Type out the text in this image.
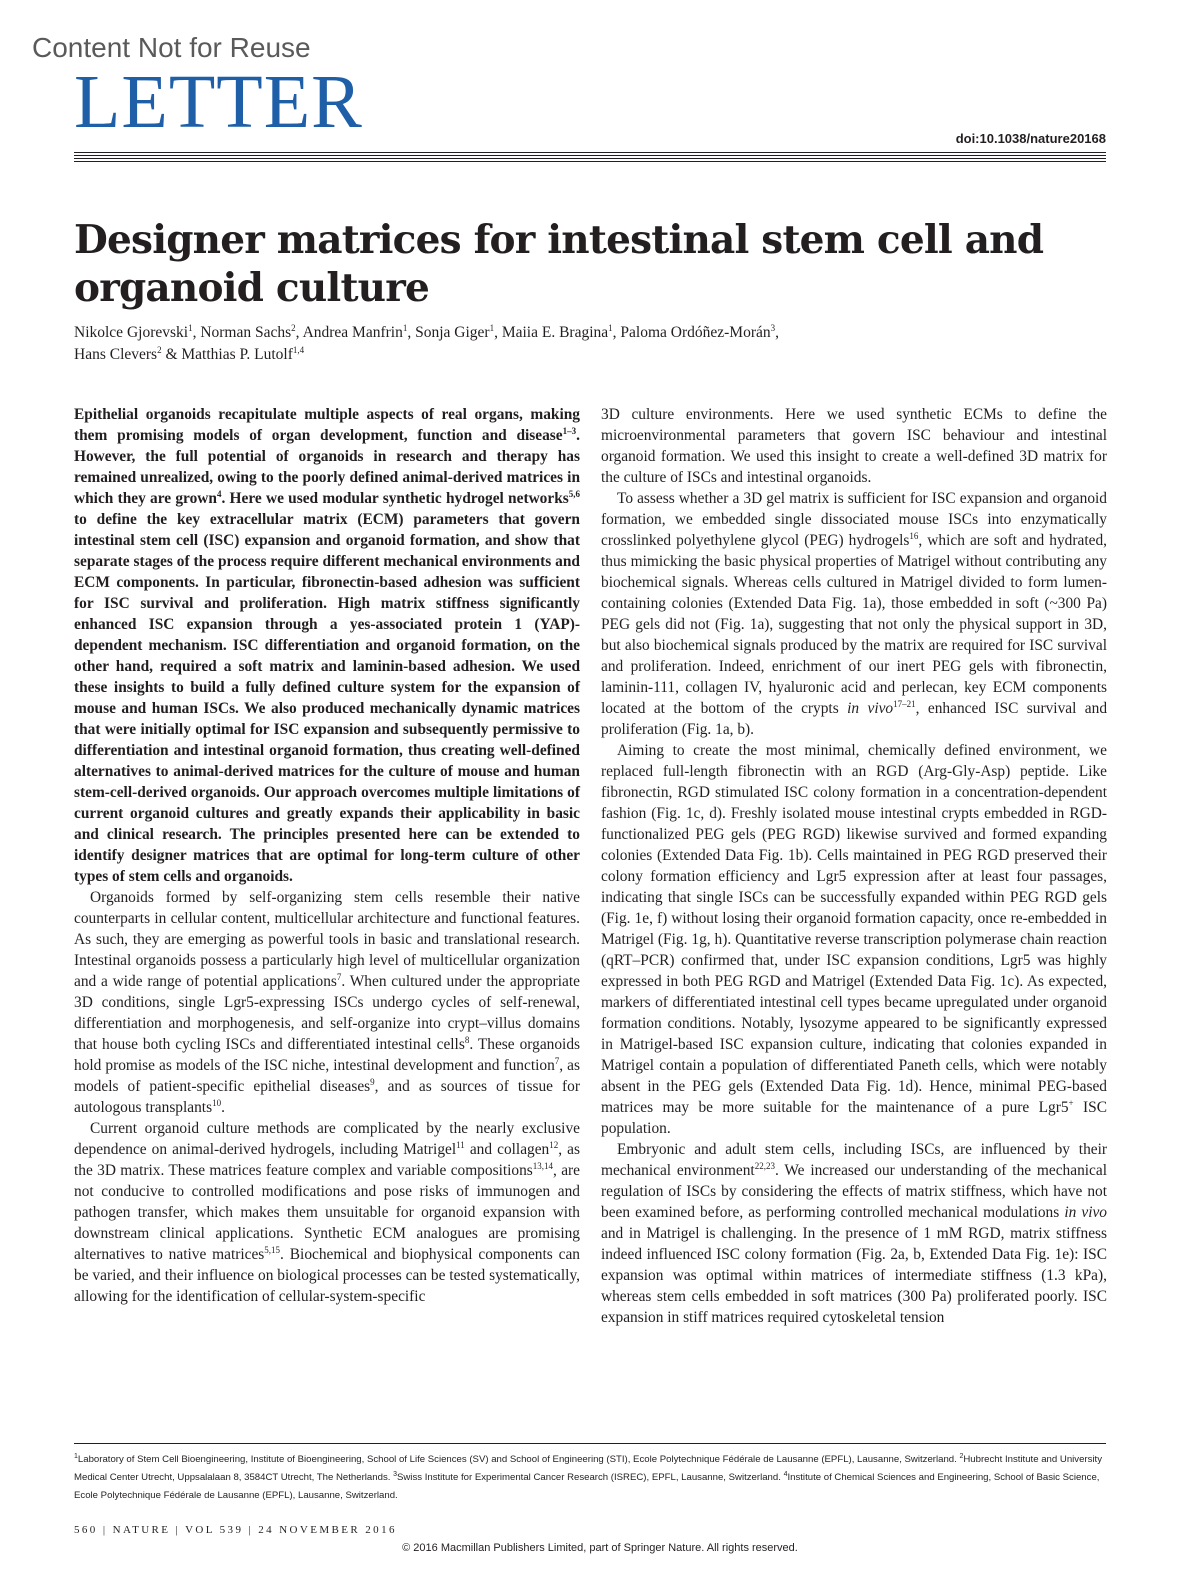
Content Not for Reuse
LETTER	doi:10.1038/nature20168
Designer matrices for intestinal stem cell and organoid culture
Nikolce Gjorevski$^1$, Norman Sachs$^2$, Andrea Manfrin$^1$, Sonja Giger$^1$, Maiia E. Bragina$^1$, Paloma Ordóñez-Morán$^3$,
Hans Clevers$^2$ & Matthias P. Lutolf$^{1,4}$

Epithelial organoids recapitulate multiple aspects of real organs, making them promising models of organ development, function and disease$^{1-3}$. However, the full potential of organoids in research and therapy has remained unrealized, owing to the poorly defined animal-derived matrices in which they are grown$^4$. Here we used modular synthetic hydrogel networks$^{5,6}$ to define the key extracellular matrix (ECM) parameters that govern intestinal stem cell (ISC) expansion and organoid formation, and show that separate stages of the process require different mechanical environments and ECM components. In particular, fibronectin-based adhesion was sufficient for ISC survival and proliferation. High matrix stiffness significantly enhanced ISC expansion through a yes-associated protein 1 (YAP)-dependent mechanism. ISC differentiation and organoid formation, on the other hand, required a soft matrix and laminin-based adhesion. We used these insights to build a fully defined culture system for the expansion of mouse and human ISCs. We also produced mechanically dynamic matrices that were initially optimal for ISC expansion and subsequently permissive to differentiation and intestinal organoid formation, thus creating well-defined alternatives to animal-derived matrices for the culture of mouse and human stem-cell-derived organoids. Our approach overcomes multiple limitations of current organoid cultures and greatly expands their applicability in basic and clinical research. The principles presented here can be extended to identify designer matrices that are optimal for long-term culture of other types of stem cells and organoids.

Organoids formed by self-organizing stem cells resemble their native counterparts in cellular content, multicellular architecture and functional features. As such, they are emerging as powerful tools in basic and translational research. Intestinal organoids possess a particularly high level of multicellular organization and a wide range of potential applications$^7$. When cultured under the appropriate 3D conditions, single Lgr5-expressing ISCs undergo cycles of self-renewal, differentiation and morphogenesis, and self-organize into crypt–villus domains that house both cycling ISCs and differentiated intestinal cells$^8$. These organoids hold promise as models of the ISC niche, intestinal development and function$^7$, as models of patient-specific epithelial diseases$^9$, and as sources of tissue for autologous transplants$^{10}$.

Current organoid culture methods are complicated by the nearly exclusive dependence on animal-derived hydrogels, including Matrigel$^{11}$ and collagen$^{12}$, as the 3D matrix. These matrices feature complex and variable compositions$^{13,14}$, are not conducive to controlled modifications and pose risks of immunogen and pathogen transfer, which makes them unsuitable for organoid expansion with downstream clinical applications. Synthetic ECM analogues are promising alternatives to native matrices$^{5,15}$. Biochemical and biophysical components can be varied, and their influence on biological processes can be tested systematically, allowing for the identification of cellular-system-specific

3D culture environments. Here we used synthetic ECMs to define the microenvironmental parameters that govern ISC behaviour and intestinal organoid formation. We used this insight to create a well-defined 3D matrix for the culture of ISCs and intestinal organoids.

To assess whether a 3D gel matrix is sufficient for ISC expansion and organoid formation, we embedded single dissociated mouse ISCs into enzymatically crosslinked polyethylene glycol (PEG) hydrogels$^{16}$, which are soft and hydrated, thus mimicking the basic physical properties of Matrigel without contributing any biochemical signals. Whereas cells cultured in Matrigel divided to form lumen-containing colonies (Extended Data Fig. 1a), those embedded in soft (~300 Pa) PEG gels did not (Fig. 1a), suggesting that not only the physical support in 3D, but also biochemical signals produced by the matrix are required for ISC survival and proliferation. Indeed, enrichment of our inert PEG gels with fibronectin, laminin-111, collagen IV, hyaluronic acid and perlecan, key ECM components located at the bottom of the crypts in vivo$^{17-21}$, enhanced ISC survival and proliferation (Fig. 1a, b).

Aiming to create the most minimal, chemically defined environment, we replaced full-length fibronectin with an RGD (Arg-Gly-Asp) peptide. Like fibronectin, RGD stimulated ISC colony formation in a concentration-dependent fashion (Fig. 1c, d). Freshly isolated mouse intestinal crypts embedded in RGD-functionalized PEG gels (PEG RGD) likewise survived and formed expanding colonies (Extended Data Fig. 1b). Cells maintained in PEG RGD preserved their colony formation efficiency and Lgr5 expression after at least four passages, indicating that single ISCs can be successfully expanded within PEG RGD gels (Fig. 1e, f) without losing their organoid formation capacity, once re-embedded in Matrigel (Fig. 1g, h). Quantitative reverse transcription polymerase chain reaction (qRT–PCR) confirmed that, under ISC expansion conditions, Lgr5 was highly expressed in both PEG RGD and Matrigel (Extended Data Fig. 1c). As expected, markers of differentiated intestinal cell types became upregulated under organoid formation conditions. Notably, lysozyme appeared to be significantly expressed in Matrigel-based ISC expansion culture, indicating that colonies expanded in Matrigel contain a population of differentiated Paneth cells, which were notably absent in the PEG gels (Extended Data Fig. 1d). Hence, minimal PEG-based matrices may be more suitable for the maintenance of a pure Lgr5+ ISC population.

Embryonic and adult stem cells, including ISCs, are influenced by their mechanical environment$^{22,23}$. We increased our understanding of the mechanical regulation of ISCs by considering the effects of matrix stiffness, which have not been examined before, as performing controlled mechanical modulations in vivo and in Matrigel is challenging. In the presence of 1 mM RGD, matrix stiffness indeed influenced ISC colony formation (Fig. 2a, b, Extended Data Fig. 1e): ISC expansion was optimal within matrices of intermediate stiffness (1.3 kPa), whereas stem cells embedded in soft matrices (300 Pa) proliferated poorly. ISC expansion in stiff matrices required cytoskeletal tension

$^1$Laboratory of Stem Cell Bioengineering, Institute of Bioengineering, School of Life Sciences (SV) and School of Engineering (STI), Ecole Polytechnique Fédérale de Lausanne (EPFL), Lausanne, Switzerland. $^2$Hubrecht Institute and University Medical Center Utrecht, Uppsalalaan 8, 3584CT Utrecht, The Netherlands. $^3$Swiss Institute for Experimental Cancer Research (ISREC), EPFL, Lausanne, Switzerland. $^4$Institute of Chemical Sciences and Engineering, School of Basic Science, Ecole Polytechnique Fédérale de Lausanne (EPFL), Lausanne, Switzerland.
560 | NATURE | VOL 539 | 24 NOVEMBER 2016
© 2016 Macmillan Publishers Limited, part of Springer Nature. All rights reserved.
